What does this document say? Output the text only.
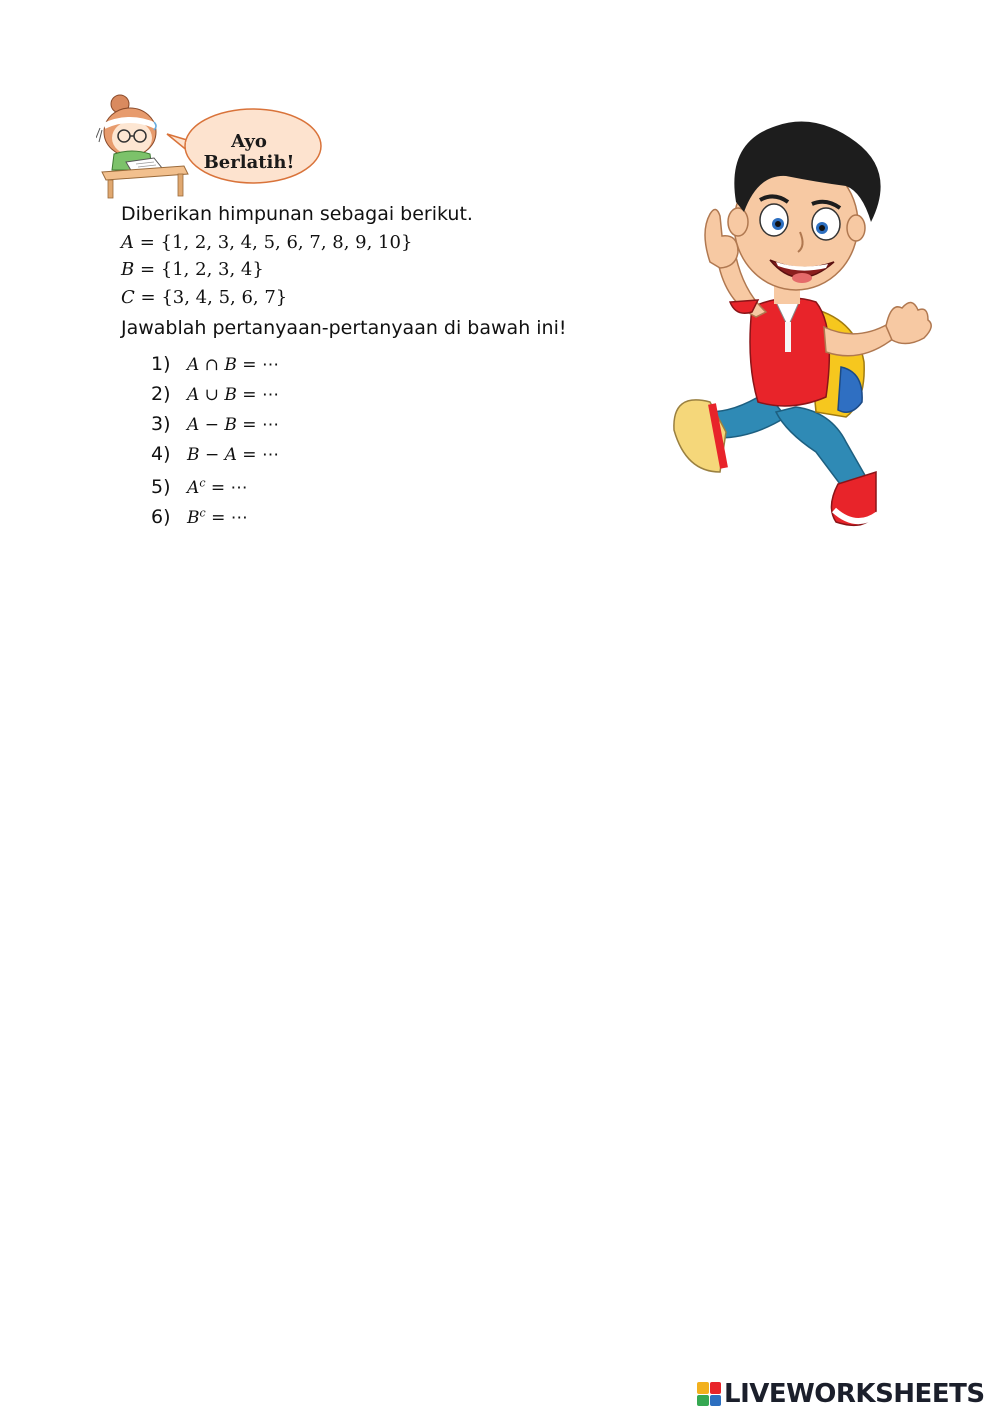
Ayo Berlatih!
Diberikan himpunan sebagai berikut.
A = {1, 2, 3, 4, 5, 6, 7, 8, 9, 10}
B = {1, 2, 3, 4}
C = {3, 4, 5, 6, 7}
Jawablah pertanyaan-pertanyaan di bawah ini!
1) A ∩ B = ⋯
2) A ∪ B = ⋯
3) A − B = ⋯
4) B − A = ⋯
5) $A^c$ = ⋯
6) $B^c$ = ⋯
LIVEWORKSHEETS
